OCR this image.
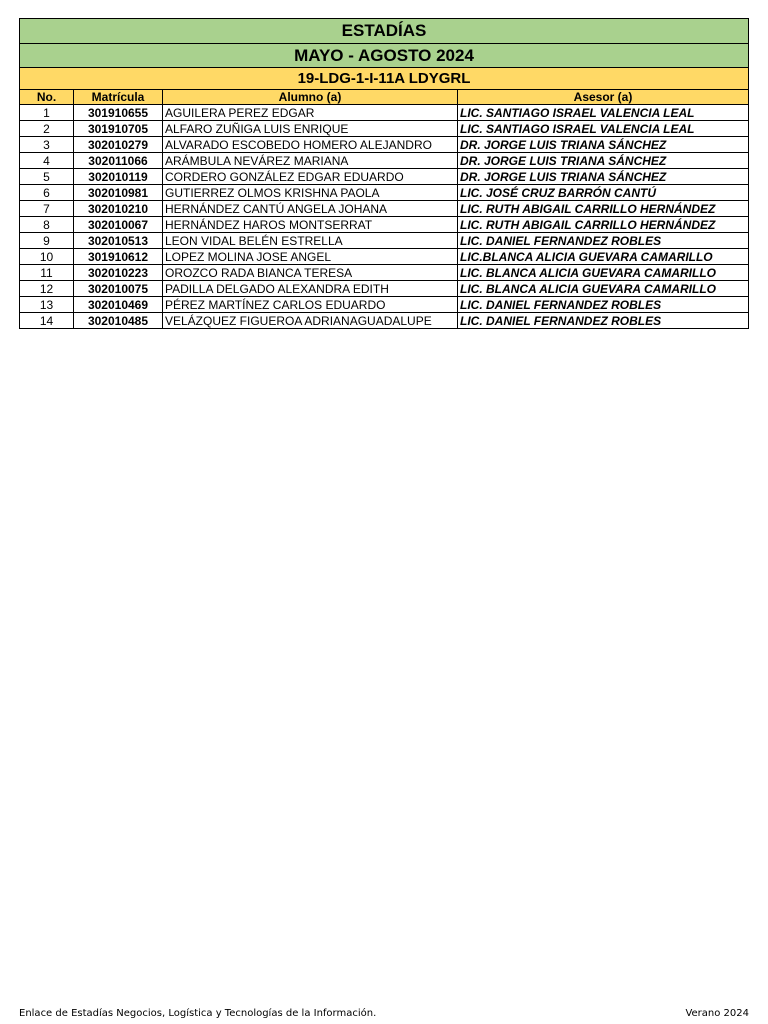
ESTADÍAS			
MAYO - AGOSTO 2024			
19-LDG-1-I-11A LDYGRL			
No.	Matrícula	Alumno (a)	Asesor (a)
1	301910655	AGUILERA PEREZ EDGAR	LIC. SANTIAGO ISRAEL VALENCIA LEAL
2	301910705	ALFARO ZUÑIGA LUIS ENRIQUE	LIC. SANTIAGO ISRAEL VALENCIA LEAL
3	302010279	ALVARADO ESCOBEDO HOMERO ALEJANDRO	DR. JORGE LUIS TRIANA SÁNCHEZ
4	302011066	ARÁMBULA NEVÁREZ MARIANA	DR. JORGE LUIS TRIANA SÁNCHEZ
5	302010119	CORDERO GONZÁLEZ EDGAR EDUARDO	DR. JORGE LUIS TRIANA SÁNCHEZ
6	302010981	GUTIERREZ OLMOS KRISHNA PAOLA	LIC. JOSÉ CRUZ BARRÓN CANTÚ
7	302010210	HERNÁNDEZ CANTÚ ANGELA JOHANA	LIC. RUTH ABIGAIL CARRILLO HERNÁNDEZ
8	302010067	HERNÁNDEZ HAROS MONTSERRAT	LIC. RUTH ABIGAIL CARRILLO HERNÁNDEZ
9	302010513	LEON VIDAL BELÉN ESTRELLA	LIC. DANIEL FERNANDEZ ROBLES
10	301910612	LOPEZ MOLINA JOSE ANGEL	LIC.BLANCA ALICIA GUEVARA CAMARILLO
11	302010223	OROZCO RADA BIANCA TERESA	LIC. BLANCA ALICIA GUEVARA CAMARILLO
12	302010075	PADILLA DELGADO ALEXANDRA EDITH	LIC. BLANCA ALICIA GUEVARA CAMARILLO
13	302010469	PÉREZ MARTÍNEZ CARLOS EDUARDO	LIC. DANIEL FERNANDEZ ROBLES
14	302010485	VELÁZQUEZ FIGUEROA ADRIANAGUADALUPE	LIC. DANIEL FERNANDEZ ROBLES
Enlace de Estadías Negocios, Logística y Tecnologías de la Información.	Verano 2024
